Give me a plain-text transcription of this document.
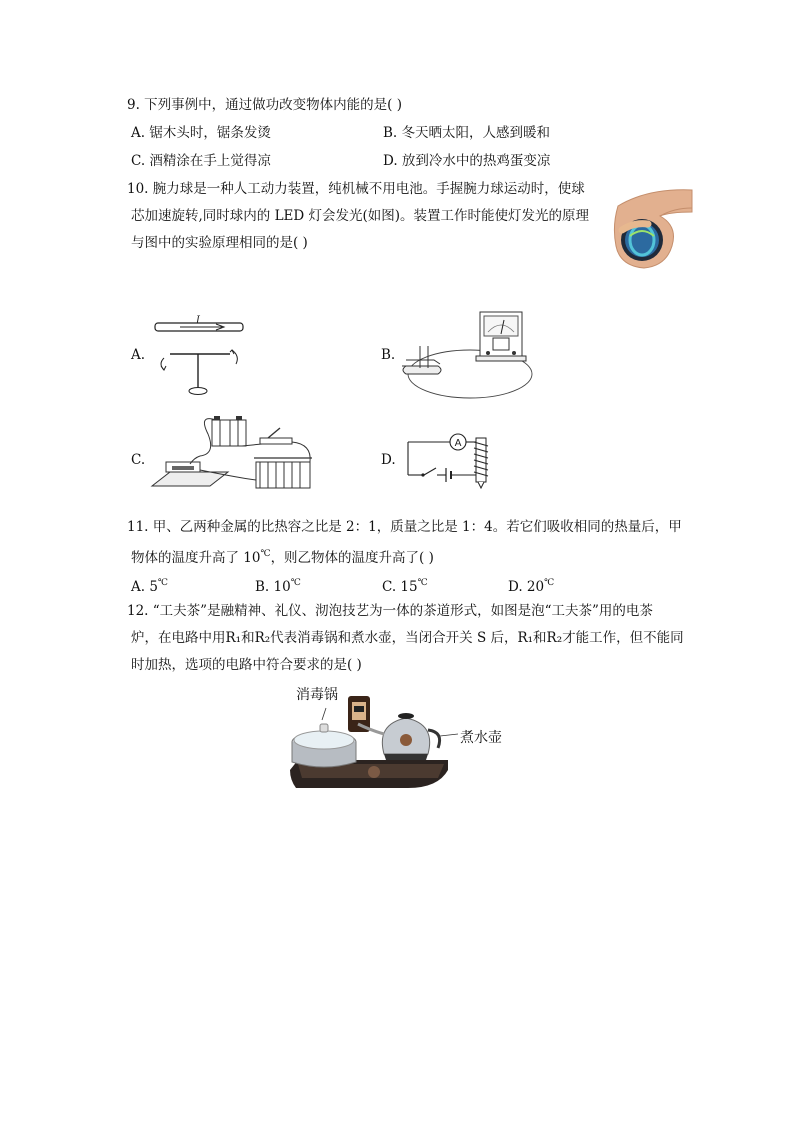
9. 下列事例中，通过做功改变物体内能的是( )
A. 锯木头时，锯条发烫	B. 冬天晒太阳，人感到暖和
C. 酒精涂在手上觉得凉	D. 放到冷水中的热鸡蛋变凉
10. 腕力球是一种人工动力装置，纯机械不用电池。手握腕力球运动时，使球
芯加速旋转,同时球内的 LED 灯会发光(如图)。装置工作时能使灯发光的原理
与图中的实验原理相同的是( )
A.	B.
C.	D.
I
A
11. 甲、乙两种金属的比热容之比是 2：1，质量之比是 1：4。若它们吸收相同的热量后，甲
物体的温度升高了 10℃，则乙物体的温度升高了( )
A. 5℃	B. 10℃	C. 15℃	D. 20℃
12. “工夫茶”是融精神、礼仪、沏泡技艺为一体的茶道形式，如图是泡“工夫茶”用的电茶
炉，在电路中用R₁和R₂代表消毒锅和煮水壶，当闭合开关 S 后，R₁和R₂才能工作，但不能同
时加热，选项的电路中符合要求的是( )
消毒锅
煮水壶
